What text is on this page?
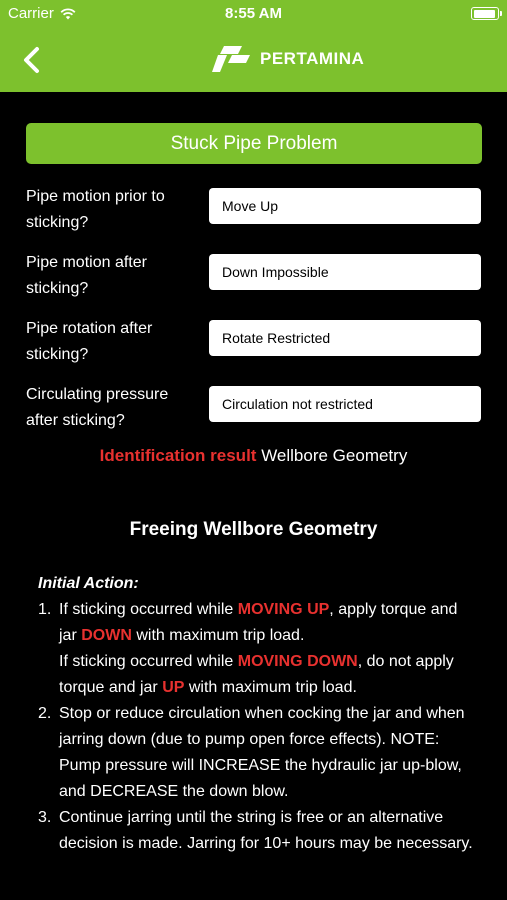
Carrier	8:55 AM
PERTAMINA
Stuck Pipe Problem
Pipe motion prior to sticking?
Move Up
Pipe motion after sticking?
Down Impossible
Pipe rotation after sticking?
Rotate Restricted
Circulating pressure after sticking?
Circulation not restricted
Identification result Wellbore Geometry
Freeing Wellbore Geometry
Initial Action:
1. If sticking occurred while MOVING UP, apply torque and jar DOWN with maximum trip load.
If sticking occurred while MOVING DOWN, do not apply torque and jar UP with maximum trip load.
2. Stop or reduce circulation when cocking the jar and when jarring down (due to pump open force effects). NOTE: Pump pressure will INCREASE the hydraulic jar up-blow, and DECREASE the down blow.
3. Continue jarring until the string is free or an alternative decision is made. Jarring for 10+ hours may be necessary.
